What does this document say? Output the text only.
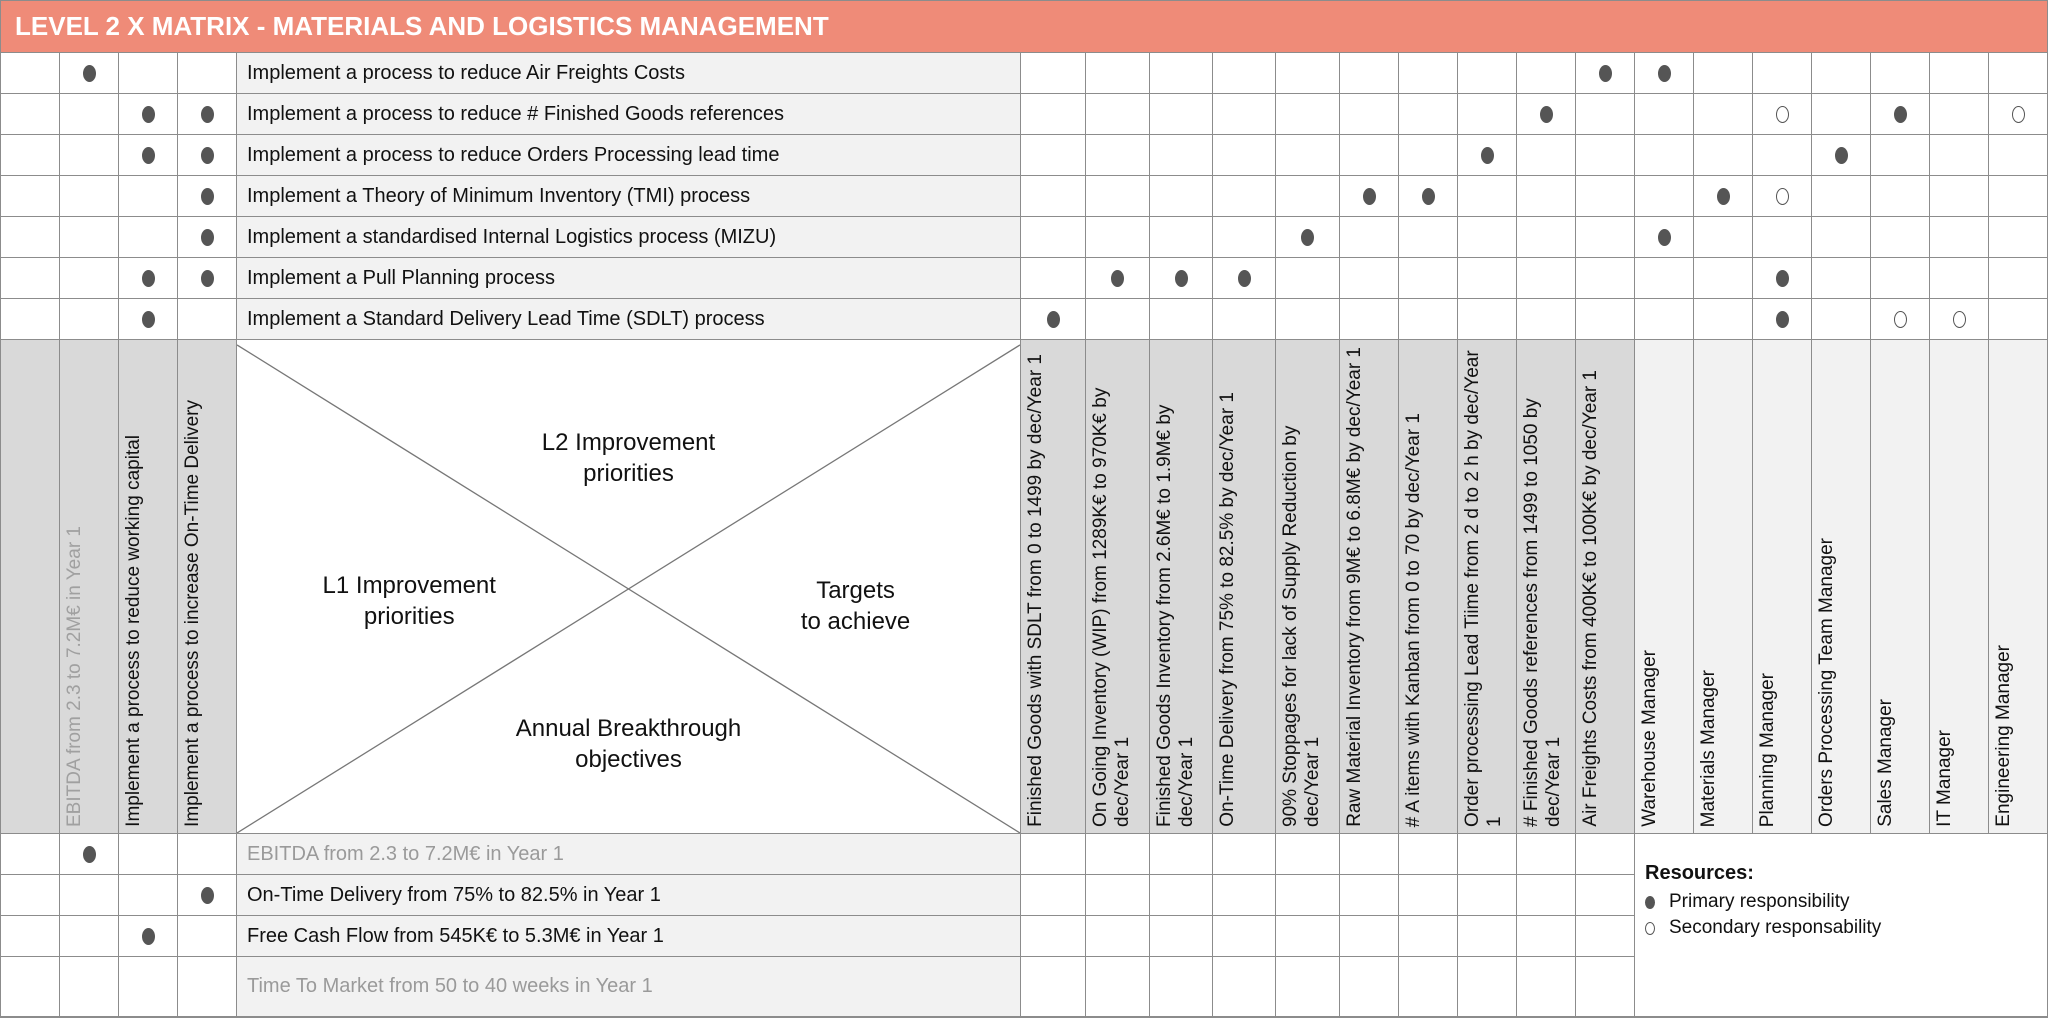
LEVEL 2 X MATRIX - MATERIALS AND LOGISTICS MANAGEMENT
Implement a process to reduce Air Freights Costs
Implement a process to reduce # Finished Goods references
Implement a process to reduce Orders Processing lead time
Implement a Theory of Minimum Inventory (TMI) process
Implement a standardised Internal Logistics process (MIZU)
Implement a Pull Planning process
Implement a Standard Delivery Lead Time (SDLT) process
EBITDA from 2.3 to 7.2M€ in Year 1 Implement a process to reduce working capital Implement a process to increase On-Time Delivery	L2 Improvement
priorities
L1 Improvement
priorities
Targets
to achieve
Annual Breakthrough
objectives	Finished Goods with SDLT from 0 to 1499 by dec/Year 1 On Going Inventory (WIP) from 1289K€ to 970K€ by dec/Year 1 Finished Goods Inventory from 2.6M€ to 1.9M€ by dec/Year 1 On-Time Delivery from 75% to 82.5% by dec/Year 1 90% Stoppages for lack of Supply Reduction by dec/Year 1 Raw Material Inventory from 9M€ to 6.8M€ by dec/Year 1 # A items with Kanban from 0 to 70 by dec/Year 1 Order processing Lead Tiime from 2 d to 2 h by dec/Year 1 # Finished Goods references from 1499 to 1050 by dec/Year 1 Air Freights Costs from 400K€ to 100K€ by dec/Year 1 Warehouse Manager Materials Manager Planning Manager Orders Processing Team Manager Sales Manager IT Manager Engineering Manager
EBITDA from 2.3 to 7.2M€ in Year 1
On-Time Delivery from 75% to 82.5% in Year 1
Free Cash Flow from 545K€ to 5.3M€ in Year 1
Time To Market from 50 to 40 weeks in Year 1
Resources:
Primary responsibility
Secondary responsability
